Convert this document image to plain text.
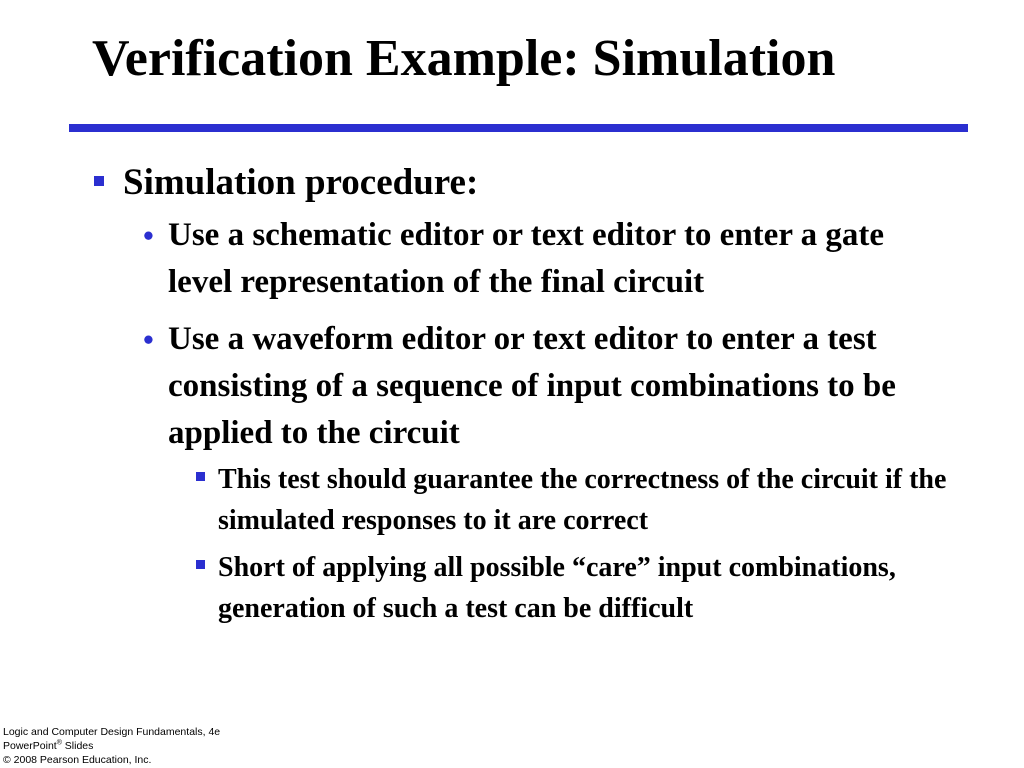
Verification Example: Simulation
Simulation procedure:
• Use a schematic editor or text editor to enter a gate level representation of the final circuit
• Use a waveform editor or text editor to enter a test consisting of a sequence of input combinations to be applied to the circuit
This test should guarantee the correctness of the circuit if the simulated responses to it are correct
Short of applying all possible “care” input combinations, generation of such a test can be difficult
Logic and Computer Design Fundamentals, 4e
PowerPoint® Slides
© 2008 Pearson Education, Inc.
